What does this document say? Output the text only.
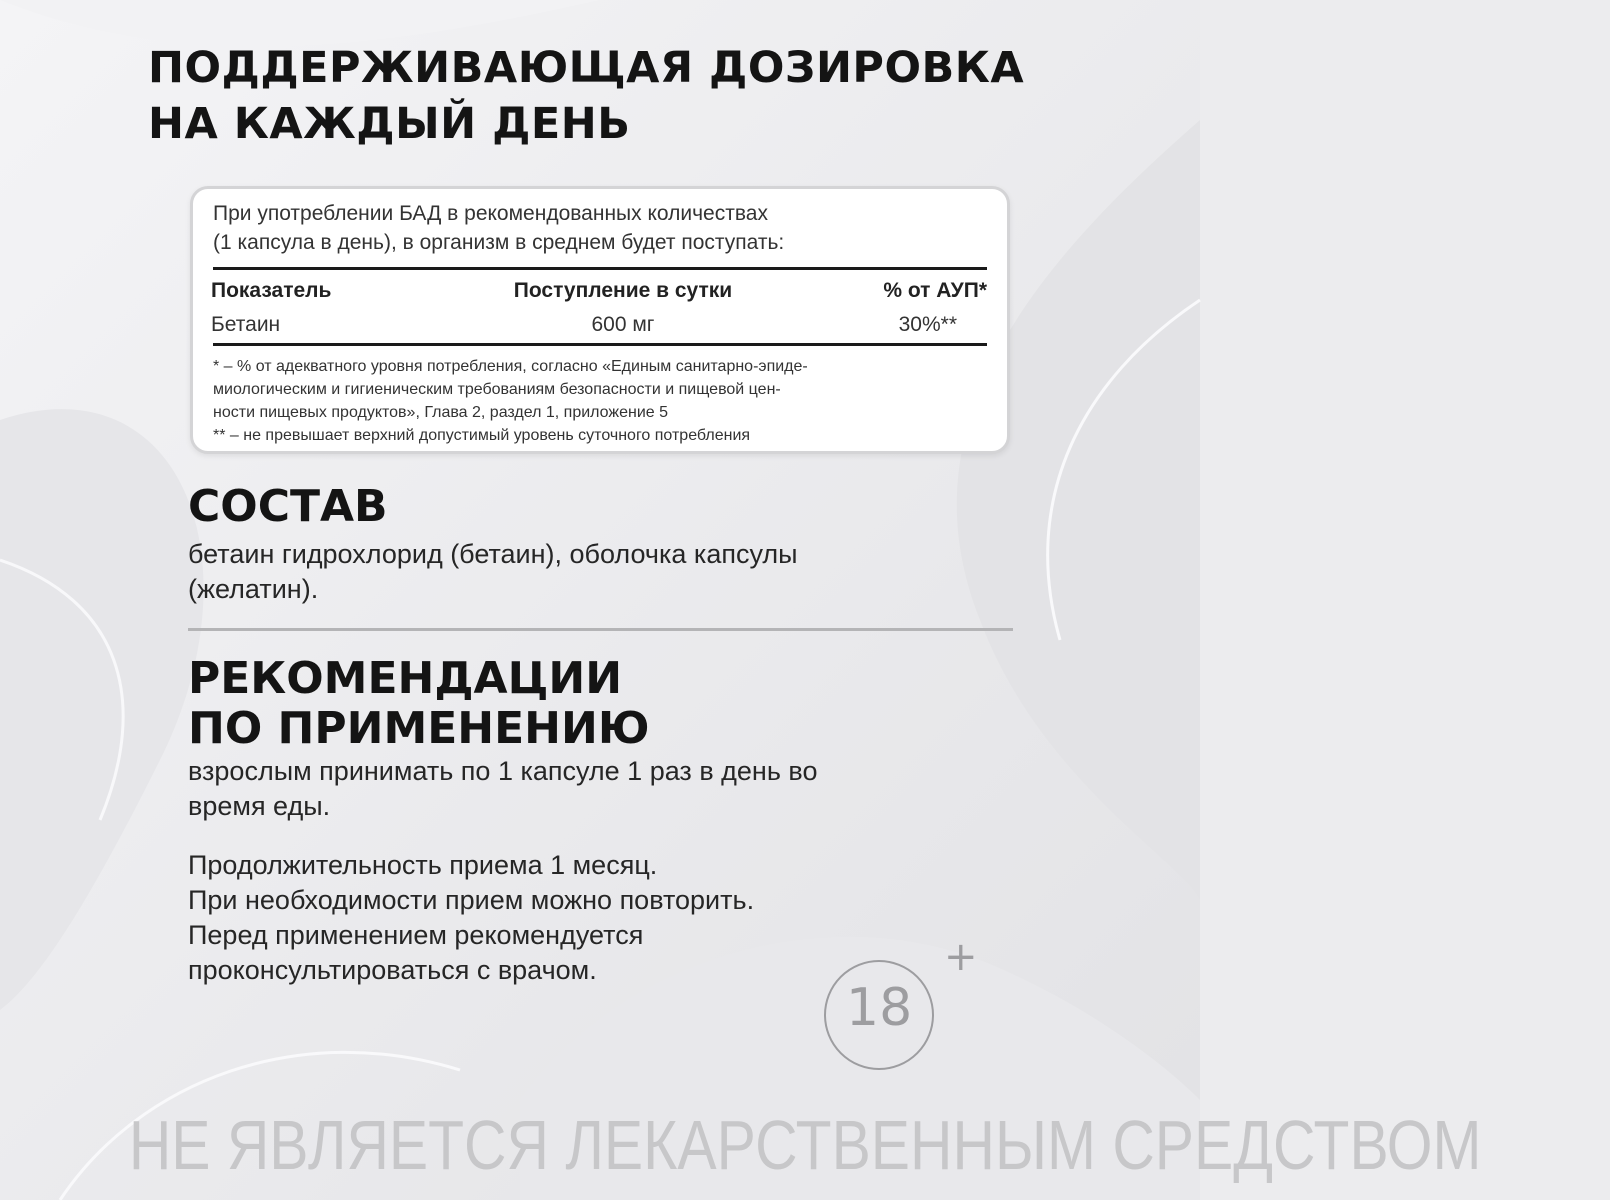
ПОДДЕРЖИВАЮЩАЯ ДОЗИРОВКА
НА КАЖДЫЙ ДЕНЬ
При употреблении БАД в рекомендованных количествах
(1 капсула в день), в организм в среднем будет поступать:
Показатель	Поступление в сутки	% от АУП*
Бетаин	600 мг	30%**
* – % от адекватного уровня потребления, согласно «Единым санитарно-эпиде-
миологическим и гигиеническим требованиям безопасности и пищевой цен-
ности пищевых продуктов», Глава 2, раздел 1, приложение 5
** – не превышает верхний допустимый уровень суточного потребления
СОСТАВ
бетаин гидрохлорид (бетаин), оболочка капсулы
(желатин).
РЕКОМЕНДАЦИИ
ПО ПРИМЕНЕНИЮ
взрослым принимать по 1 капсуле 1 раз в день во
время еды.
Продолжительность приема 1 месяц.
При необходимости прием можно повторить.
Перед применением рекомендуется
проконсультироваться с врачом.
18
+
НЕ ЯВЛЯЕТСЯ ЛЕКАРСТВЕННЫМ СРЕДСТВОМ
